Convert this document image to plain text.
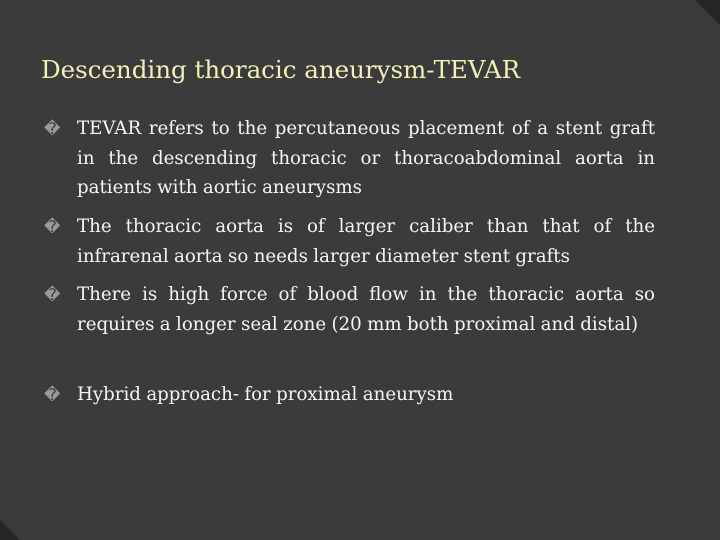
Descending thoracic aneurysm-TEVAR
� TEVAR refers to the percutaneous placement of a stent graft in the descending thoracic or thoracoabdominal aorta in patients with aortic aneurysms
� The thoracic aorta is of larger caliber than that of the infrarenal aorta so needs larger diameter stent grafts
� There is high force of blood flow in the thoracic aorta so requires a longer seal zone (20 mm both proximal and distal)
� Hybrid approach- for proximal aneurysm
